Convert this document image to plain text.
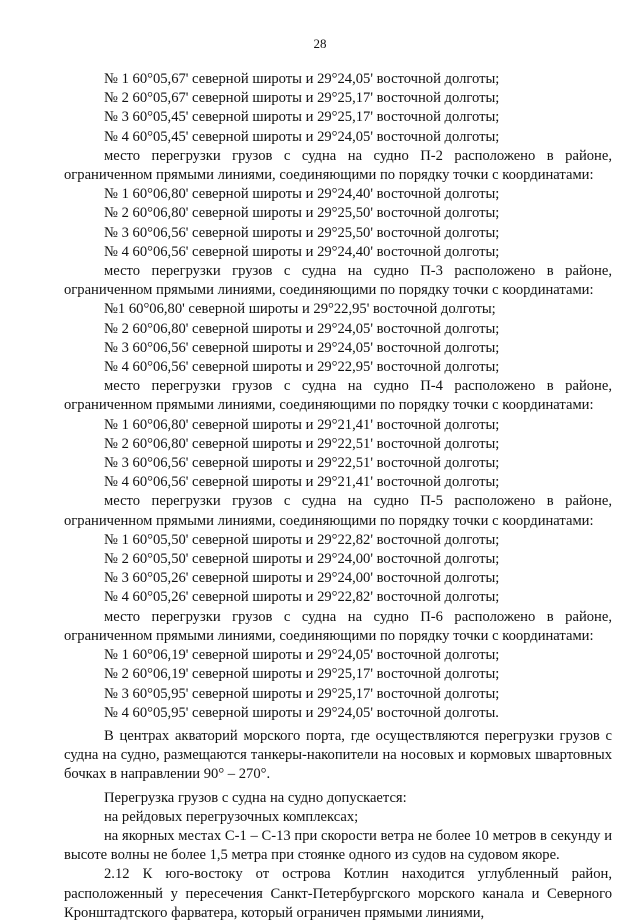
28

№ 1 60°05,67' северной широты и 29°24,05' восточной долготы;

№ 2 60°05,67' северной широты и 29°25,17' восточной долготы;

№ 3 60°05,45' северной широты и 29°25,17' восточной долготы;

№ 4 60°05,45' северной широты и 29°24,05' восточной долготы;

место перегрузки грузов с судна на судно П-2 расположено в районе, ограниченном прямыми линиями, соединяющими по порядку точки с координатами:

№ 1 60°06,80' северной широты и 29°24,40' восточной долготы;

№ 2 60°06,80' северной широты и 29°25,50' восточной долготы;

№ 3 60°06,56' северной широты и 29°25,50' восточной долготы;

№ 4 60°06,56' северной широты и 29°24,40' восточной долготы;

место перегрузки грузов с судна на судно П-3 расположено в районе, ограниченном прямыми линиями, соединяющими по порядку точки с координатами:

№1 60°06,80' северной широты и 29°22,95' восточной долготы;

№ 2 60°06,80' северной широты и 29°24,05' восточной долготы;

№ 3 60°06,56' северной широты и 29°24,05' восточной долготы;

№ 4 60°06,56' северной широты и 29°22,95' восточной долготы;

место перегрузки грузов с судна на судно П-4 расположено в районе, ограниченном прямыми линиями, соединяющими по порядку точки с координатами:

№ 1 60°06,80' северной широты и 29°21,41' восточной долготы;

№ 2 60°06,80' северной широты и 29°22,51' восточной долготы;

№ 3 60°06,56' северной широты и 29°22,51' восточной долготы;

№ 4 60°06,56' северной широты и 29°21,41' восточной долготы;

место перегрузки грузов с судна на судно П-5 расположено в районе, ограниченном прямыми линиями, соединяющими по порядку точки с координатами:

№ 1 60°05,50' северной широты и 29°22,82' восточной долготы;

№ 2 60°05,50' северной широты и 29°24,00' восточной долготы;

№ 3 60°05,26' северной широты и 29°24,00' восточной долготы;

№ 4 60°05,26' северной широты и 29°22,82' восточной долготы;

место перегрузки грузов с судна на судно П-6 расположено в районе, ограниченном прямыми линиями, соединяющими по порядку точки с координатами:

№ 1 60°06,19' северной широты и 29°24,05' восточной долготы;

№ 2 60°06,19' северной широты и 29°25,17' восточной долготы;

№ 3 60°05,95' северной широты и 29°25,17' восточной долготы;

№ 4 60°05,95' северной широты и 29°24,05' восточной долготы.

В центрах акваторий морского порта, где осуществляются перегрузки грузов с судна на судно, размещаются танкеры-накопители на носовых и кормовых швартовных бочках в направлении 90° – 270°.

Перегрузка грузов с судна на судно допускается:

на рейдовых перегрузочных комплексах;

на якорных местах С-1 – С-13 при скорости ветра не более 10 метров в секунду и высоте волны не более 1,5 метра при стоянке одного из судов на судовом якоре.

2.12 К юго-востоку от острова Котлин находится углубленный район, расположенный у пересечения Санкт-Петербургского морского канала и Северного Кронштадтского фарватера, который ограничен прямыми линиями,
